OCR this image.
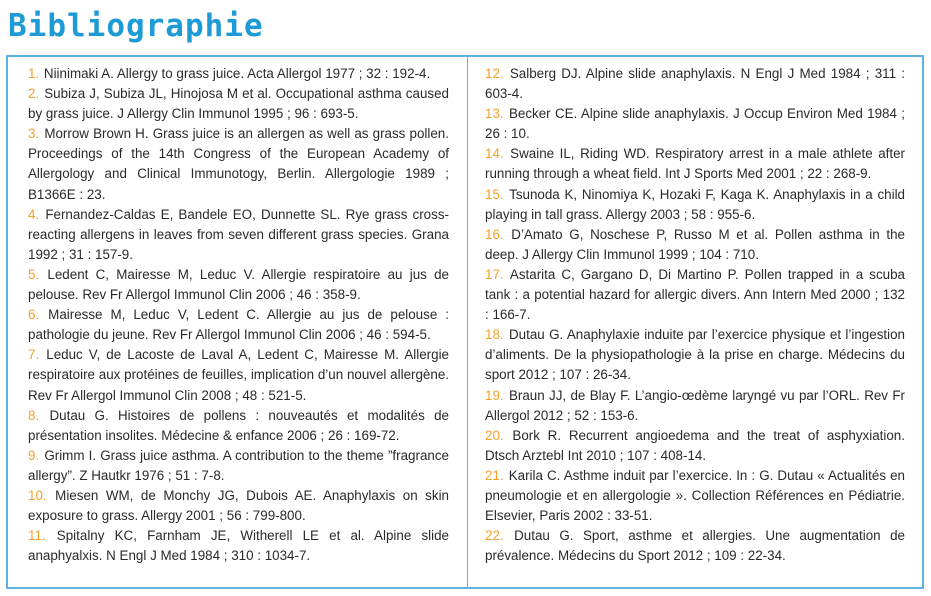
Bibliographie
1. Niinimaki A. Allergy to grass juice. Acta Allergol 1977 ; 32 : 192-4.
2. Subiza J, Subiza JL, Hinojosa M et al. Occupational asthma caused by grass juice. J Allergy Clin Immunol 1995 ; 96 : 693-5.
3. Morrow Brown H. Grass juice is an allergen as well as grass pollen. Proceedings of the 14th Congress of the European Academy of Allergology and Clinical Immunotogy, Berlin. Allergologie 1989 ; B1366E : 23.
4. Fernandez-Caldas E, Bandele EO, Dunnette SL. Rye grass cross-reacting allergens in leaves from seven different grass species. Grana 1992 ; 31 : 157-9.
5. Ledent C, Mairesse M, Leduc V. Allergie respiratoire au jus de pelouse. Rev Fr Allergol Immunol Clin 2006 ; 46 : 358-9.
6. Mairesse M, Leduc V, Ledent C. Allergie au jus de pelouse : pathologie du jeune. Rev Fr Allergol Immunol Clin 2006 ; 46 : 594-5.
7. Leduc V, de Lacoste de Laval A, Ledent C, Mairesse M. Allergie respiratoire aux protéines de feuilles, implication d’un nouvel allergène. Rev Fr Allergol Immunol Clin 2008 ; 48 : 521-5.
8. Dutau G. Histoires de pollens : nouveautés et modalités de présentation insolites. Médecine & enfance 2006 ; 26 : 169-72.
9. Grimm I. Grass juice asthma. A contribution to the theme ”fragrance allergy”. Z Hautkr 1976 ; 51 : 7-8.
10. Miesen WM, de Monchy JG, Dubois AE. Anaphylaxis on skin exposure to grass. Allergy 2001 ; 56 : 799-800.
11. Spitalny KC, Farnham JE, Witherell LE et al. Alpine slide anaphyalxis. N Engl J Med 1984 ; 310 : 1034-7.
12. Salberg DJ. Alpine slide anaphylaxis. N Engl J Med 1984 ; 311 : 603-4.
13. Becker CE. Alpine slide anaphylaxis. J Occup Environ Med 1984 ; 26 : 10.
14. Swaine IL, Riding WD. Respiratory arrest in a male athlete after running through a wheat field. Int J Sports Med 2001 ; 22 : 268-9.
15. Tsunoda K, Ninomiya K, Hozaki F, Kaga K. Anaphylaxis in a child playing in tall grass. Allergy 2003 ; 58 : 955-6.
16. D’Amato G, Noschese P, Russo M et al. Pollen asthma in the deep. J Allergy Clin Immunol 1999 ; 104 : 710.
17. Astarita C, Gargano D, Di Martino P. Pollen trapped in a scuba tank : a potential hazard for allergic divers. Ann Intern Med 2000 ; 132 : 166-7.
18. Dutau G. Anaphylaxie induite par l’exercice physique et l’ingestion d’aliments. De la physiopathologie à la prise en charge. Médecins du sport 2012 ; 107 : 26-34.
19. Braun JJ, de Blay F. L’angio-œdème laryngé vu par l’ORL. Rev Fr Allergol 2012 ; 52 : 153-6.
20. Bork R. Recurrent angioedema and the treat of asphyxiation. Dtsch Arztebl Int 2010 ; 107 : 408-14.
21. Karila C. Asthme induit par l’exercice. In : G. Dutau « Actualités en pneumologie et en allergologie ». Collection Références en Pédiatrie. Elsevier, Paris 2002 : 33-51.
22. Dutau G. Sport, asthme et allergies. Une augmentation de prévalence. Médecins du Sport 2012 ; 109 : 22-34.
